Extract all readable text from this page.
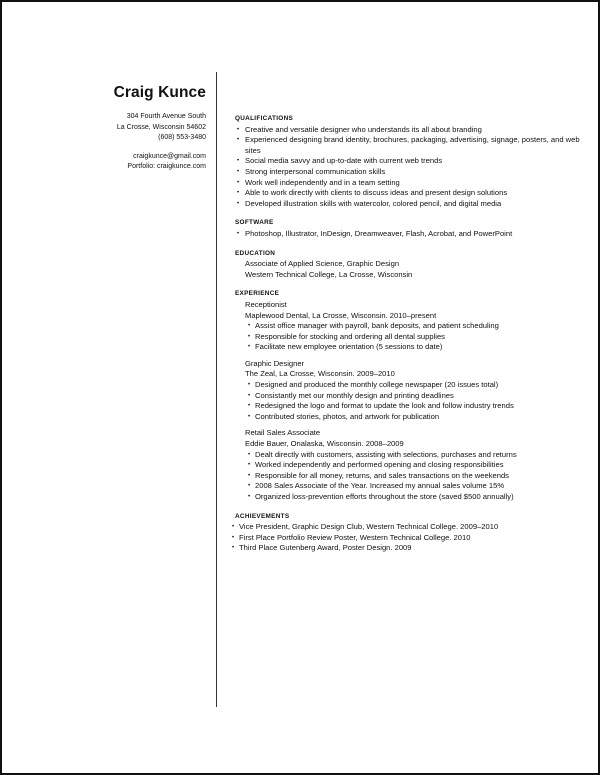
Craig Kunce
304 Fourth Avenue South
La Crosse, Wisconsin 54602
(608) 553-3480
craigkunce@gmail.com
Portfolio: craigkunce.com
QUALIFICATIONS
• Creative and versatile designer who understands its all about branding
• Experienced designing brand identity, brochures, packaging, advertising, signage, posters, and web sites
• Social media savvy and up-to-date with current web trends
• Strong interpersonal communication skills
• Work well independently and in a team setting
• Able to work directly with clients to discuss ideas and present design solutions
• Developed illustration skills with watercolor, colored pencil, and digital media
SOFTWARE
• Photoshop, Illustrator, InDesign, Dreamweaver, Flash, Acrobat, and PowerPoint
EDUCATION
Associate of Applied Science, Graphic Design
Western Technical College, La Crosse, Wisconsin
EXPERIENCE
Receptionist
Maplewood Dental, La Crosse, Wisconsin. 2010–present
• Assist office manager with payroll, bank deposits, and patient scheduling
• Responsible for stocking and ordering all dental supplies
• Facilitate new employee orientation (5 sessions to date)
Graphic Designer
The Zeal, La Crosse, Wisconsin. 2009–2010
• Designed and produced the monthly college newspaper (20 issues total)
• Consistantly met our monthly design and printing deadlines
• Redesigned the logo and format to update the look and follow industry trends
• Contributed stories, photos, and artwork for publication
Retail Sales Associate
Eddie Bauer, Onalaska, Wisconsin. 2008–2009
• Dealt directly with customers, assisting with selections, purchases and returns
• Worked independently and performed opening and closing responsibilities
• Responsible for all money, returns, and sales transactions on the weekends
• 2008 Sales Associate of the Year. Increased my annual sales volume 15%
• Organized loss-prevention efforts throughout the store (saved $500 annually)
ACHIEVEMENTS
• Vice President, Graphic Design Club, Western Technical College. 2009–2010
• First Place Portfolio Review Poster, Western Technical College. 2010
• Third Place Gutenberg Award, Poster Design. 2009
